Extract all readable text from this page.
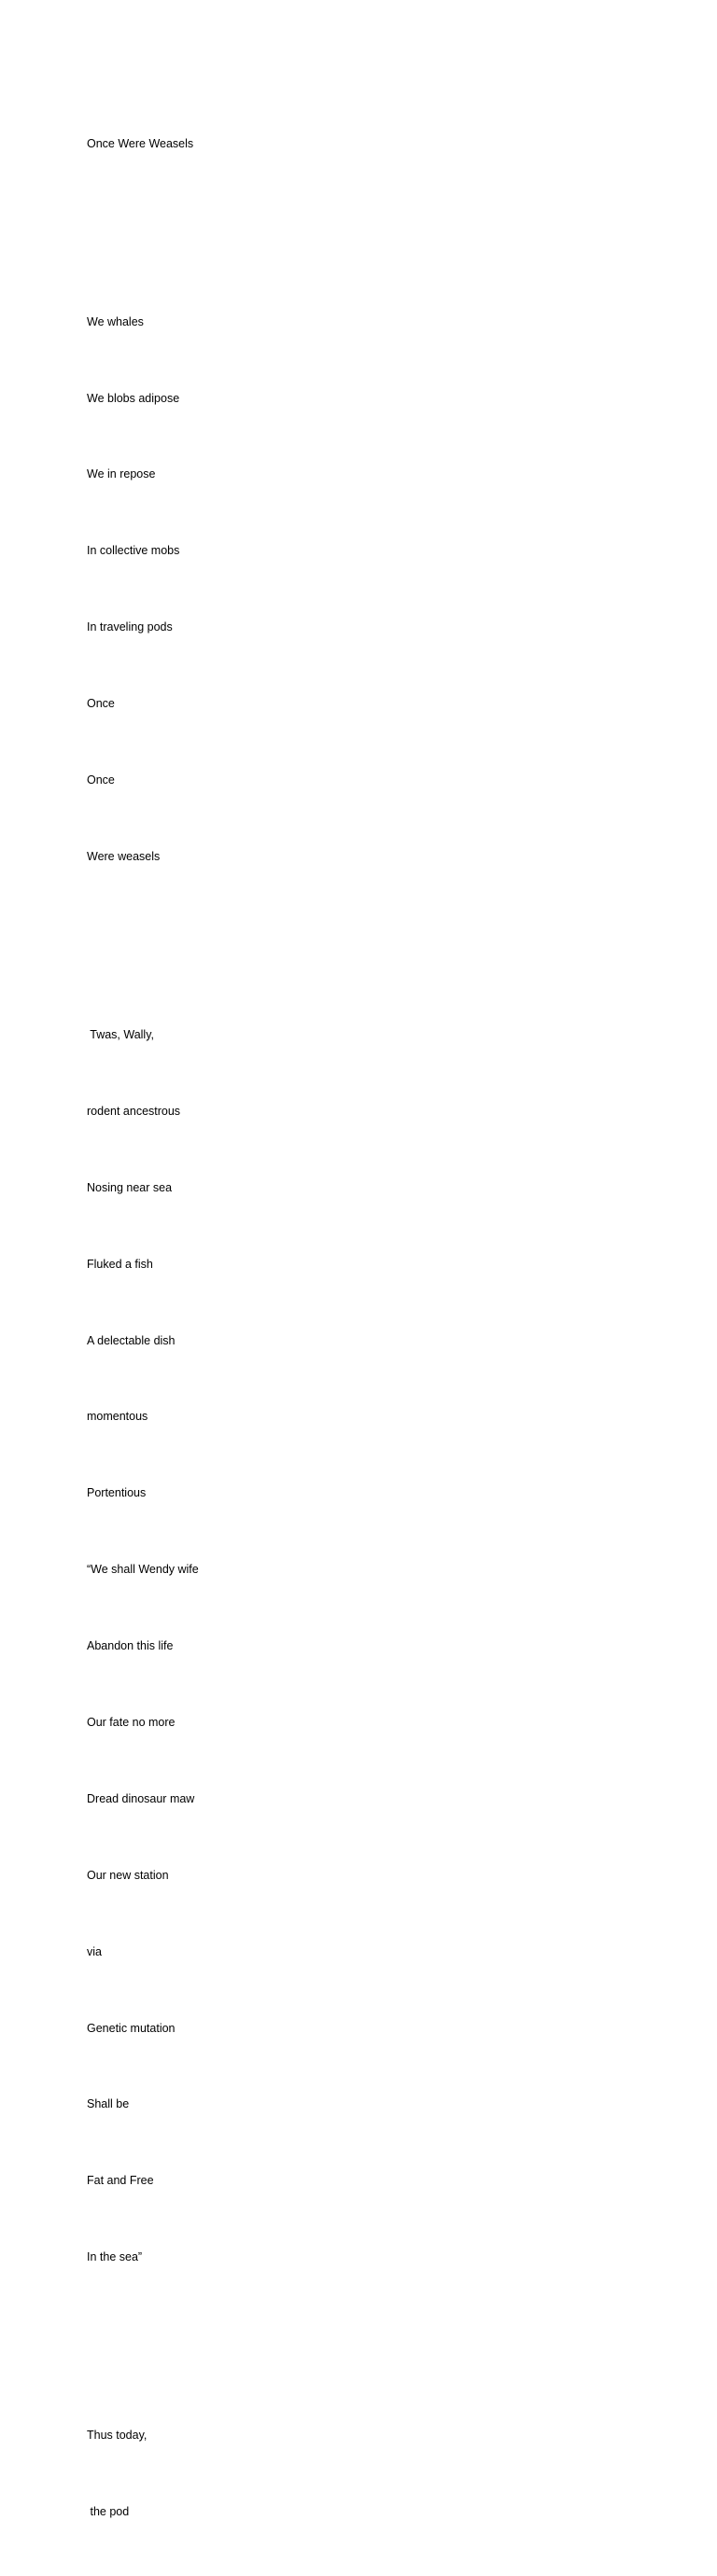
Once Were Weasels

We whales

We blobs adipose

We in repose

In collective mobs

In traveling pods

Once

Once

Were weasels

Twas, Wally,

rodent ancestrous

Nosing near sea

Fluked a fish

A delectable dish

momentous

Portentious

“We shall Wendy wife

Abandon this life

Our fate no more

Dread dinosaur maw

Our new station

via

Genetic mutation

Shall be

Fat and Free

In the sea”

Thus today,

the pod
